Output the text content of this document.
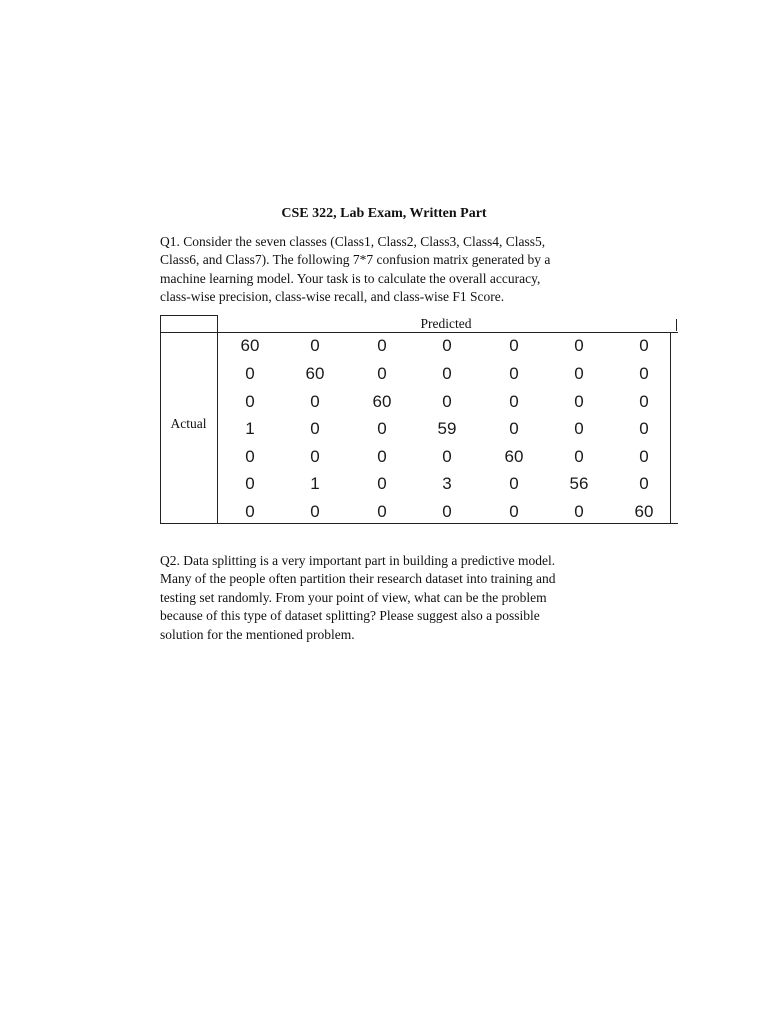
CSE 322, Lab Exam, Written Part

Q1. Consider the seven classes (Class1, Class2, Class3, Class4, Class5,
Class6, and Class7). The following 7*7 confusion matrix generated by a
machine learning model. Your task is to calculate the overall accuracy,
class-wise precision, class-wise recall, and class-wise F1 Score.

Predicted
Actual
60	0	0	0	0	0	0
0	60	0	0	0	0	0
0	0	60	0	0	0	0
1	0	0	59	0	0	0
0	0	0	0	60	0	0
0	1	0	3	0	56	0
0	0	0	0	0	0	60

Q2. Data splitting is a very important part in building a predictive model.
Many of the people often partition their research dataset into training and
testing set randomly. From your point of view, what can be the problem
because of this type of dataset splitting? Please suggest also a possible
solution for the mentioned problem.
